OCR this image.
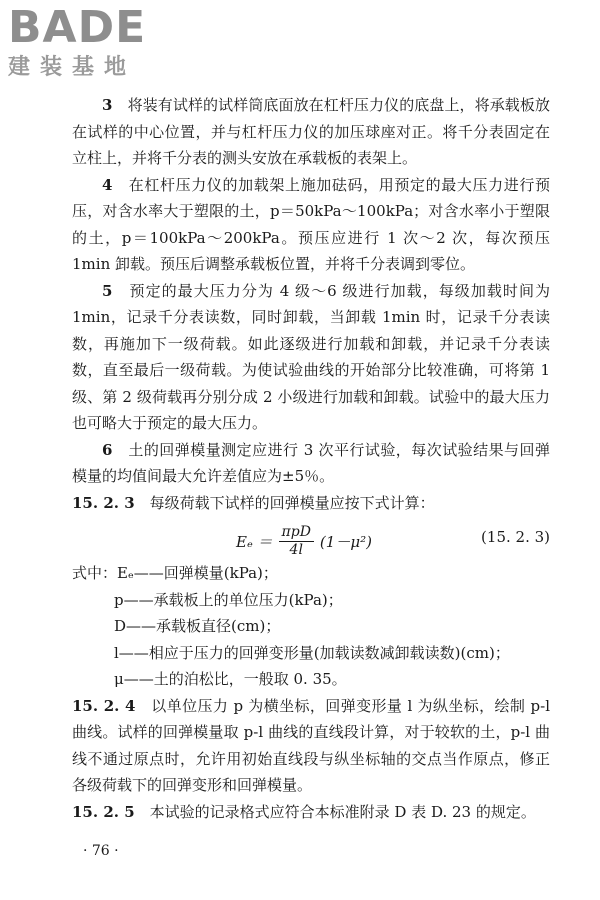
BADE
建装基地

3　 将装有试样的试样筒底面放在杠杆压力仪的底盘上，将承载板放在试样的中心位置，并与杠杆压力仪的加压球座对正。将千分表固定在立柱上，并将千分表的测头安放在承载板的表架上。

4　 在杠杆压力仪的加载架上施加砝码，用预定的最大压力进行预压，对含水率大于塑限的土，p＝50kPa～100kPa；对含水率小于塑限的土，p＝100kPa～200kPa。预压应进行 1 次～2 次，每次预压 1min 卸载。预压后调整承载板位置，并将千分表调到零位。

5　 预定的最大压力分为 4 级～6 级进行加载，每级加载时间为 1min，记录千分表读数，同时卸载，当卸载 1min 时，记录千分表读数，再施加下一级荷载。如此逐级进行加载和卸载，并记录千分表读数，直至最后一级荷载。为使试验曲线的开始部分比较准确，可将第 1 级、第 2 级荷载再分别分成 2 小级进行加载和卸载。试验中的最大压力也可略大于预定的最大压力。

6　 土的回弹模量测定应进行 3 次平行试验，每次试验结果与回弹模量的均值间最大允许差值应为±5％。

15. 2. 3　 每级荷载下试样的回弹模量应按下式计算：

$E_e = \frac{\text{πpD}}{4l} (1-\mu^2)$	(15. 2. 3)

式中：Eₑ——回弹模量(kPa)；

p——承载板上的单位压力(kPa)；

D——承载板直径(cm)；

l——相应于压力的回弹变形量(加载读数减卸载读数)(cm)；

μ——土的泊松比，一般取 0. 35。

15. 2. 4　 以单位压力 p 为横坐标，回弹变形量 l 为纵坐标，绘制 p-l 曲线。试样的回弹模量取 p-l 曲线的直线段计算，对于较软的土，p-l 曲线不通过原点时，允许用初始直线段与纵坐标轴的交点当作原点，修正各级荷载下的回弹变形和回弹模量。

15. 2. 5　 本试验的记录格式应符合本标准附录 D 表 D. 23 的规定。

· 76 ·
